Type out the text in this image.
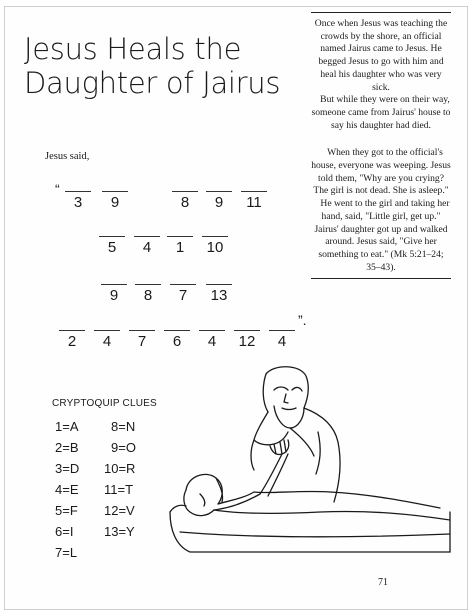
Jesus Heals the Daughter of Jairus

Once when Jesus was teaching the crowds by the shore, an official named Jairus came to Jesus. He begged Jesus to go with him and heal his daughter who was very sick.

But while they were on their way, someone came from Jairus' house to say his daughter had died.

When they got to the official's house, everyone was weeping. Jesus told them, "Why are you crying? The girl is not dead. She is asleep."

He went to the girl and taking her hand, said, "Little girl, get up." Jairus' daughter got up and walked around. Jesus said, "Give her something to eat." (Mk 5:21–24; 35–43).

Jesus said,
“
3	9	8	9	11
5	4	1	10
9	8	7	13
2	4	7	6	4	12	4
”.
CRYPTOQUIP CLUES
1=A
2=B
3=D
4=E
5=F
6=I
7=L
8=N
9=O
10=R
11=T
12=V
13=Y
71
